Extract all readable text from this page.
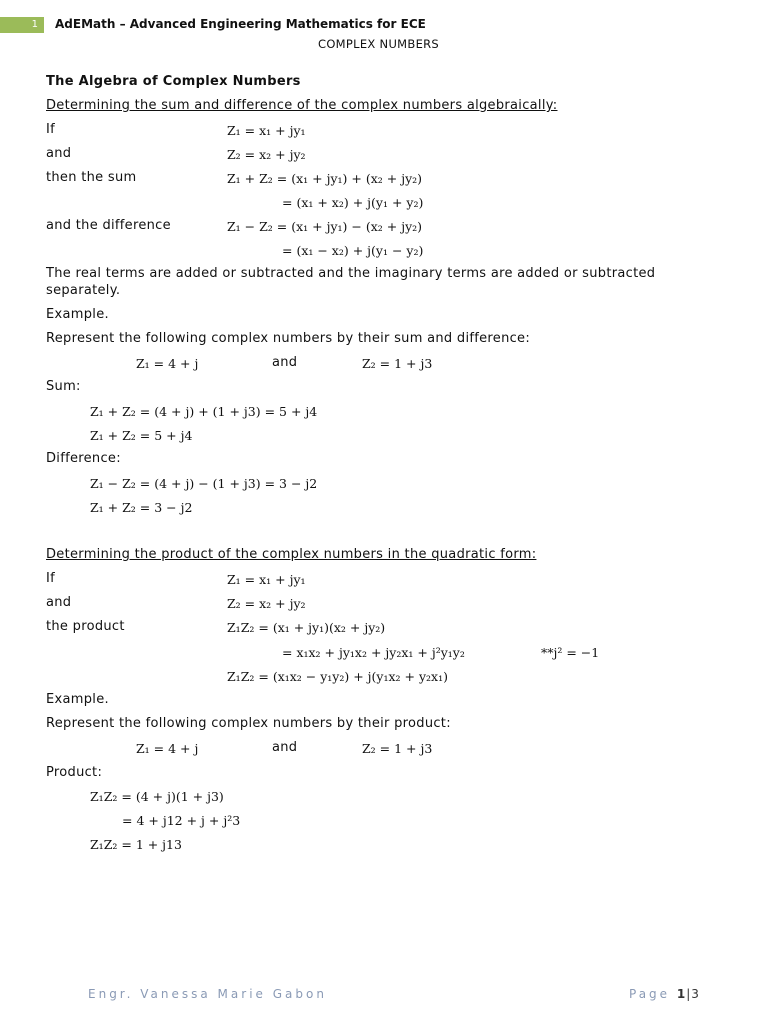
1	AdEMath – Advanced Engineering Mathematics for ECE
COMPLEX NUMBERS
The Algebra of Complex Numbers
Determining the sum and difference of the complex numbers algebraically:
If	Z₁ = x₁ + jy₁
and	Z₂ = x₂ + jy₂
then the sum	Z₁ + Z₂ = (x₁ + jy₁) + (x₂ + jy₂)
= (x₁ + x₂) + j(y₁ + y₂)
and the difference	Z₁ − Z₂ = (x₁ + jy₁) − (x₂ + jy₂)
= (x₁ − x₂) + j(y₁ − y₂)
The real terms are added or subtracted and the imaginary terms are added or subtracted
separately.
Example.
Represent the following complex numbers by their sum and difference:
Z₁ = 4 + j	and	Z₂ = 1 + j3
Sum:
Z₁ + Z₂ = (4 + j) + (1 + j3) = 5 + j4
Z₁ + Z₂ = 5 + j4
Difference:
Z₁ − Z₂ = (4 + j) − (1 + j3) = 3 − j2
Z₁ + Z₂ = 3 − j2
Determining the product of the complex numbers in the quadratic form:
If	Z₁ = x₁ + jy₁
and	Z₂ = x₂ + jy₂
the product	Z₁Z₂ = (x₁ + jy₁)(x₂ + jy₂)
= x₁x₂ + jy₁x₂ + jy₂x₁ + j²y₁y₂	**j² = −1
Z₁Z₂ = (x₁x₂ − y₁y₂) + j(y₁x₂ + y₂x₁)
Example.
Represent the following complex numbers by their product:
Z₁ = 4 + j	and	Z₂ = 1 + j3
Product:
Z₁Z₂ = (4 + j)(1 + j3)
= 4 + j12 + j + j²3
Z₁Z₂ = 1 + j13
Engr. Vanessa Marie Gabon	Page 1|3
